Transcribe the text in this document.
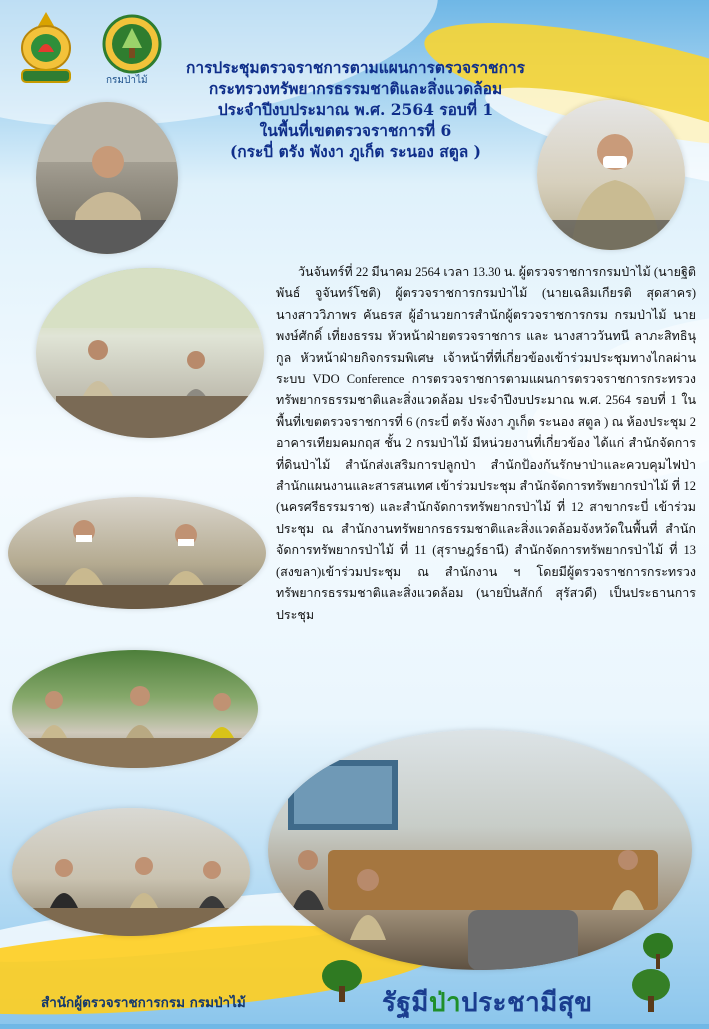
กรมป่าไม้
การประชุมตรวจราชการตามแผนการตรวจราชการ
กระทรวงทรัพยากรธรรมชาติและสิ่งแวดล้อม
ประจำปีงบประมาณ พ.ศ. 2564 รอบที่ 1
ในพื้นที่เขตตรวจราชการที่ 6
(กระบี่ ตรัง พังงา ภูเก็ต ระนอง สตูล )
วันจันทร์ที่ 22 มีนาคม 2564 เวลา 13.30 น. ผู้ตรวจราชการกรมป่าไม้ (นายฐิติพันธ์ จูจันทร์โชติ) ผู้ตรวจราชการกรมป่าไม้ (นายเฉลิมเกียรติ สุดสาคร) นางสาววิภาพร คันธรส ผู้อำนวยการสำนักผู้ตรวจราชการกรม กรมป่าไม้ นายพงษ์ศักดิ์ เที่ยงธรรม หัวหน้าฝ่ายตรวจราชการ และ นางสาววันทนี ลาภะสิทธินุกูล หัวหน้าฝ่ายกิจกรรมพิเศษ เจ้าหน้าที่ที่เกี่ยวข้องเข้าร่วมประชุมทางไกลผ่านระบบ VDO Conference การตรวจราชการตามแผนการตรวจราชการกระทรวงทรัพยากรธรรมชาติและสิ่งแวดล้อม ประจำปีงบประมาณ พ.ศ. 2564 รอบที่ 1 ในพื้นที่เขตตรวจราชการที่ 6 (กระบี่ ตรัง พังงา ภูเก็ต ระนอง สตูล ) ณ ห้องประชุม 2 อาคารเทียมคมกฤส ชั้น 2 กรมป่าไม้ มีหน่วยงานที่เกี่ยวข้อง ได้แก่ สำนักจัดการที่ดินป่าไม้ สำนักส่งเสริมการปลูกป่า สำนักป้องกันรักษาป่าและควบคุมไฟป่า สำนักแผนงานและสารสนเทศ เข้าร่วมประชุม สำนักจัดการทรัพยากรป่าไม้ ที่ 12 (นครศรีธรรมราช) และสำนักจัดการทรัพยากรป่าไม้ ที่ 12 สาขากระบี่ เข้าร่วมประชุม ณ สำนักงานทรัพยากรธรรมชาติและสิ่งแวดล้อมจังหวัดในพื้นที่ สำนักจัดการทรัพยากรป่าไม้ ที่ 11 (สุราษฎร์ธานี) สำนักจัดการทรัพยากรป่าไม้ ที่ 13 (สงขลา)เข้าร่วมประชุม ณ สำนักงาน ฯ โดยมีผู้ตรวจราชการกระทรวงทรัพยากรธรรมชาติและสิ่งแวดล้อม (นายปิ่นสักก์ สุรัสวดี) เป็นประธานการประชุม
สำนักผู้ตรวจราชการกรม กรมป่าไม้	รัฐมีป่าประชามีสุข
